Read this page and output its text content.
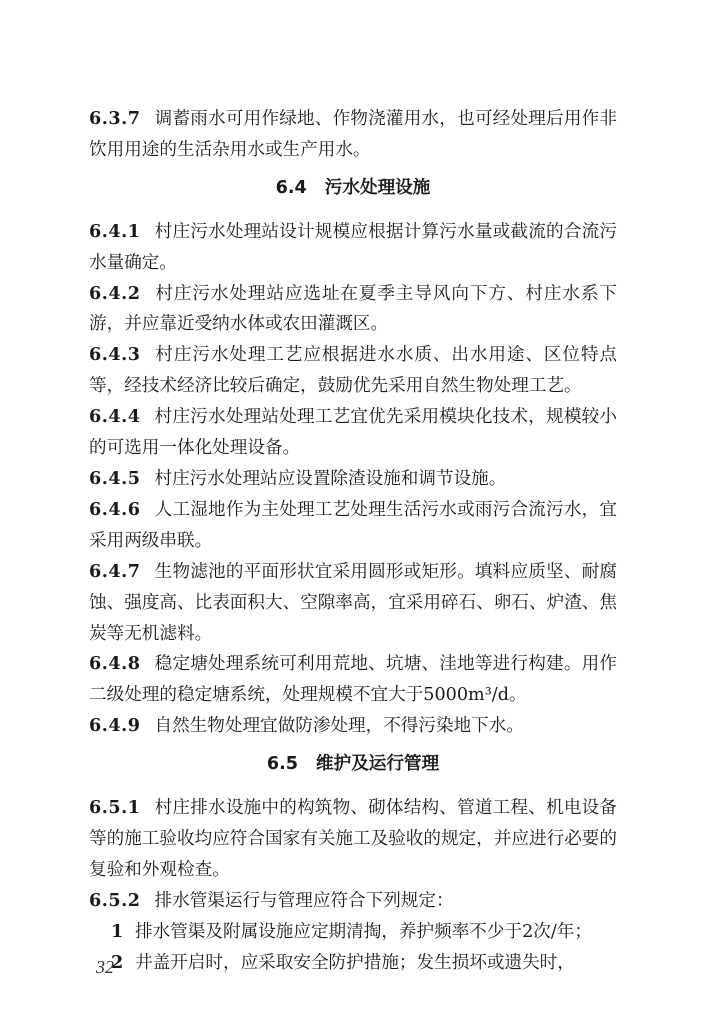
6.3.7 调蓄雨水可用作绿地、作物浇灌用水，也可经处理后用作非饮用用途的生活杂用水或生产用水。

6.4 污水处理设施

6.4.1 村庄污水处理站设计规模应根据计算污水量或截流的合流污水量确定。

6.4.2 村庄污水处理站应选址在夏季主导风向下方、村庄水系下游，并应靠近受纳水体或农田灌溉区。

6.4.3 村庄污水处理工艺应根据进水水质、出水用途、区位特点等，经技术经济比较后确定，鼓励优先采用自然生物处理工艺。

6.4.4 村庄污水处理站处理工艺宜优先采用模块化技术，规模较小的可选用一体化处理设备。

6.4.5 村庄污水处理站应设置除渣设施和调节设施。

6.4.6 人工湿地作为主处理工艺处理生活污水或雨污合流污水，宜采用两级串联。

6.4.7 生物滤池的平面形状宜采用圆形或矩形。填料应质坚、耐腐蚀、强度高、比表面积大、空隙率高，宜采用碎石、卵石、炉渣、焦炭等无机滤料。

6.4.8 稳定塘处理系统可利用荒地、坑塘、洼地等进行构建。用作二级处理的稳定塘系统，处理规模不宜大于5000m³/d。

6.4.9 自然生物处理宜做防渗处理，不得污染地下水。

6.5 维护及运行管理

6.5.1 村庄排水设施中的构筑物、砌体结构、管道工程、机电设备等的施工验收均应符合国家有关施工及验收的规定，并应进行必要的复验和外观检查。

6.5.2 排水管渠运行与管理应符合下列规定：

1 排水管渠及附属设施应定期清掏，养护频率不少于2次/年；

2 井盖开启时，应采取安全防护措施；发生损坏或遗失时，

32
